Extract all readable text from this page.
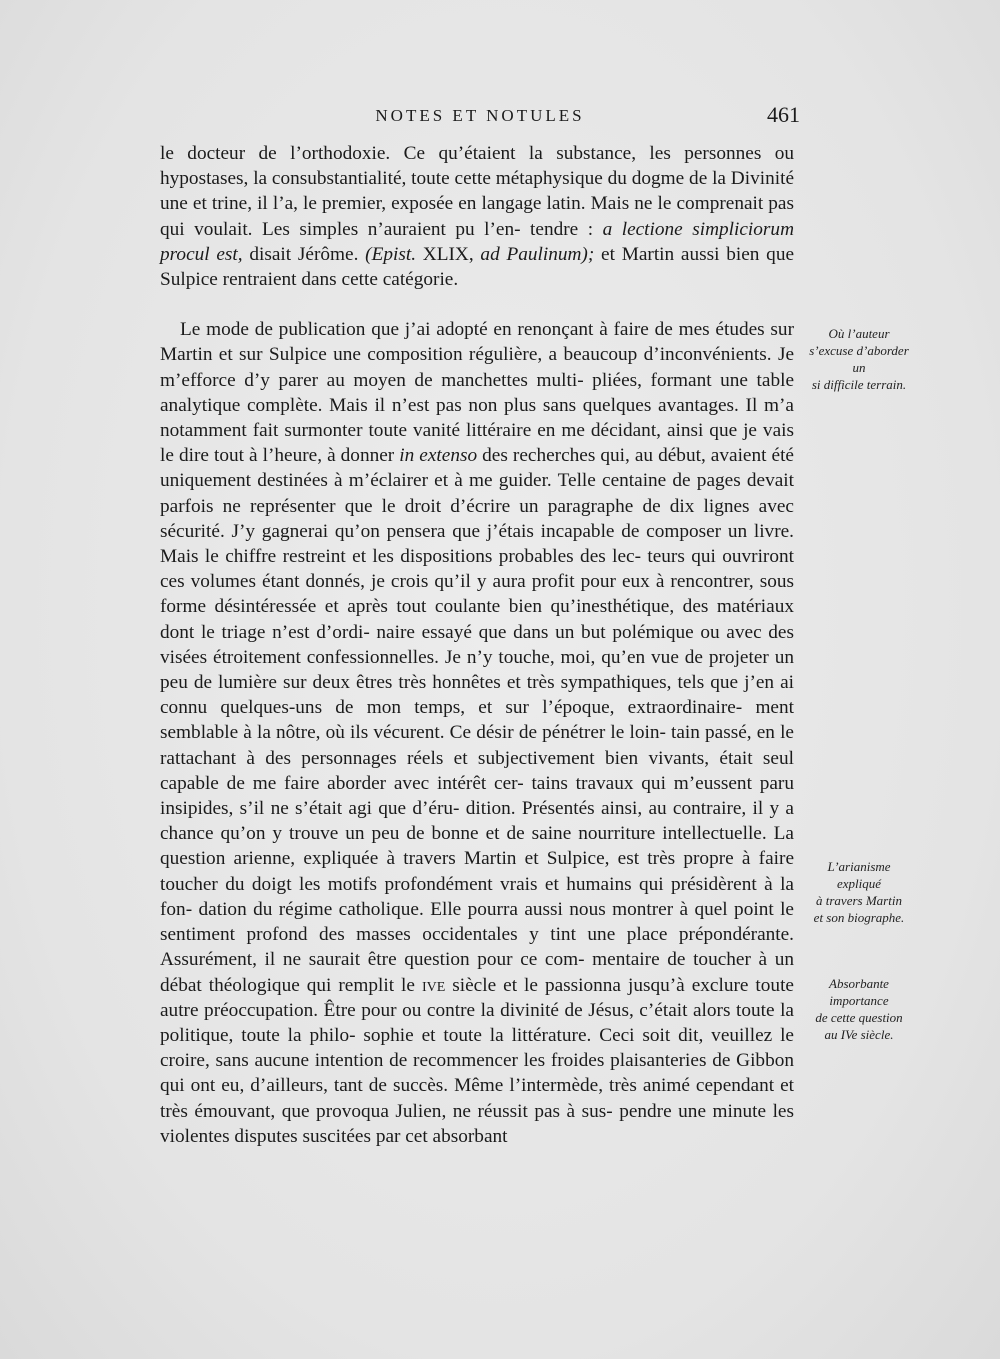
NOTES ET NOTULES	461

le docteur de l’orthodoxie. Ce qu’étaient la substance, les personnes ou hypostases, la consubstantialité, toute cette métaphysique du dogme de la Divinité une et trine, il l’a, le premier, exposée en langage latin. Mais ne le comprenait pas qui voulait. Les simples n’auraient pu l’en- tendre : a lectione simpliciorum procul est, disait Jérôme. (Epist. XLIX, ad Paulinum); et Martin aussi bien que Sulpice rentraient dans cette catégorie.

Le mode de publication que j’ai adopté en renonçant à faire de mes études sur Martin et sur Sulpice une composition régulière, a beaucoup d’inconvénients. Je m’efforce d’y parer au moyen de manchettes multi- pliées, formant une table analytique complète. Mais il n’est pas non plus sans quelques avantages. Il m’a notamment fait surmonter toute vanité littéraire en me décidant, ainsi que je vais le dire tout à l’heure, à donner in extenso des recherches qui, au début, avaient été uniquement destinées à m’éclairer et à me guider. Telle centaine de pages devait parfois ne représenter que le droit d’écrire un paragraphe de dix lignes avec sécurité. J’y gagnerai qu’on pensera que j’étais incapable de composer un livre. Mais le chiffre restreint et les dispositions probables des lec- teurs qui ouvriront ces volumes étant donnés, je crois qu’il y aura profit pour eux à rencontrer, sous forme désintéressée et après tout coulante bien qu’inesthétique, des matériaux dont le triage n’est d’ordi- naire essayé que dans un but polémique ou avec des visées étroitement confessionnelles. Je n’y touche, moi, qu’en vue de projeter un peu de lumière sur deux êtres très honnêtes et très sympathiques, tels que j’en ai connu quelques-uns de mon temps, et sur l’époque, extraordinaire- ment semblable à la nôtre, où ils vécurent. Ce désir de pénétrer le loin- tain passé, en le rattachant à des personnages réels et subjectivement bien vivants, était seul capable de me faire aborder avec intérêt cer- tains travaux qui m’eussent paru insipides, s’il ne s’était agi que d’éru- dition. Présentés ainsi, au contraire, il y a chance qu’on y trouve un peu de bonne et de saine nourriture intellectuelle. La question arienne, expliquée à travers Martin et Sulpice, est très propre à faire toucher du doigt les motifs profondément vrais et humains qui présidèrent à la fon- dation du régime catholique. Elle pourra aussi nous montrer à quel point le sentiment profond des masses occidentales y tint une place prépondérante. Assurément, il ne saurait être question pour ce com- mentaire de toucher à un débat théologique qui remplit le ive siècle et le passionna jusqu’à exclure toute autre préoccupation. Être pour ou contre la divinité de Jésus, c’était alors toute la politique, toute la philo- sophie et toute la littérature. Ceci soit dit, veuillez le croire, sans aucune intention de recommencer les froides plaisanteries de Gibbon qui ont eu, d’ailleurs, tant de succès. Même l’intermède, très animé cependant et très émouvant, que provoqua Julien, ne réussit pas à sus- pendre une minute les violentes disputes suscitées par cet absorbant

Où l’auteur
s’excuse d’aborder
un
si difficile terrain.
L’arianisme
expliqué
à travers Martin
et son biographe.
Absorbante
importance
de cette question
au IVe siècle.
